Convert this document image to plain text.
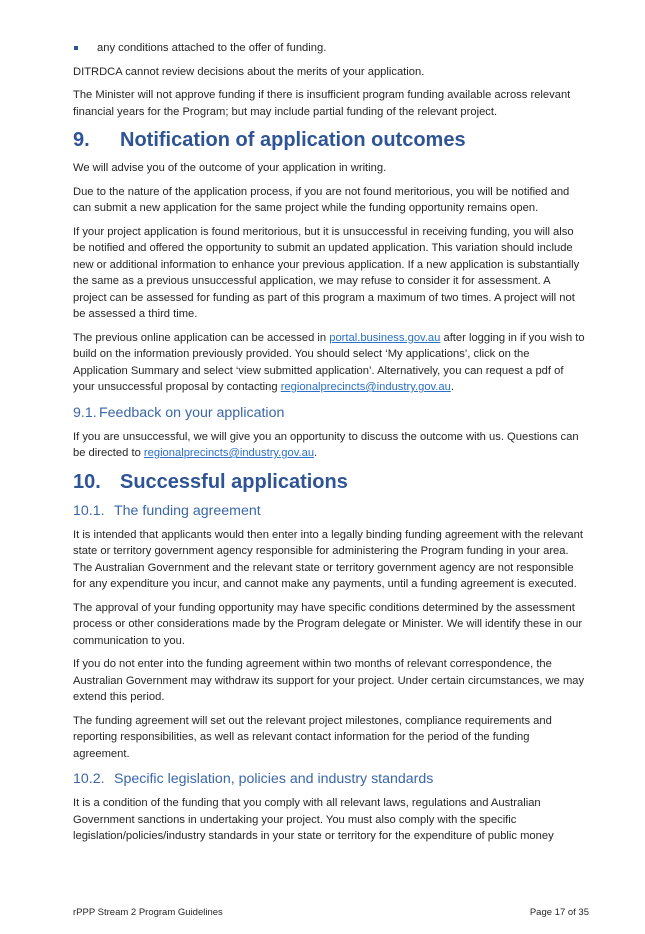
any conditions attached to the offer of funding.

DITRDCA cannot review decisions about the merits of your application.

The Minister will not approve funding if there is insufficient program funding available across relevant financial years for the Program; but may include partial funding of the relevant project.

9.	Notification of application outcomes

We will advise you of the outcome of your application in writing.

Due to the nature of the application process, if you are not found meritorious, you will be notified and can submit a new application for the same project while the funding opportunity remains open.

If your project application is found meritorious, but it is unsuccessful in receiving funding, you will also be notified and offered the opportunity to submit an updated application. This variation should include new or additional information to enhance your previous application. If a new application is substantially the same as a previous unsuccessful application, we may refuse to consider it for assessment. A project can be assessed for funding as part of this program a maximum of two times. A project will not be assessed a third time.

The previous online application can be accessed in portal.business.gov.au after logging in if you wish to build on the information previously provided. You should select ‘My applications’, click on the Application Summary and select ‘view submitted application’. Alternatively, you can request a pdf of your unsuccessful proposal by contacting regionalprecincts@industry.gov.au.

9.1. Feedback on your application

If you are unsuccessful, we will give you an opportunity to discuss the outcome with us. Questions can be directed to regionalprecincts@industry.gov.au.

10. Successful applications
10.1. The funding agreement

It is intended that applicants would then enter into a legally binding funding agreement with the relevant state or territory government agency responsible for administering the Program funding in your area. The Australian Government and the relevant state or territory government agency are not responsible for any expenditure you incur, and cannot make any payments, until a funding agreement is executed.

The approval of your funding opportunity may have specific conditions determined by the assessment process or other considerations made by the Program delegate or Minister. We will identify these in our communication to you.

If you do not enter into the funding agreement within two months of relevant correspondence, the Australian Government may withdraw its support for your project. Under certain circumstances, we may extend this period.

The funding agreement will set out the relevant project milestones, compliance requirements and reporting responsibilities, as well as relevant contact information for the period of the funding agreement.

10.2. Specific legislation, policies and industry standards

It is a condition of the funding that you comply with all relevant laws, regulations and Australian Government sanctions in undertaking your project. You must also comply with the specific legislation/policies/industry standards in your state or territory for the expenditure of public money

rPPP Stream 2 Program Guidelines	Page 17 of 35
